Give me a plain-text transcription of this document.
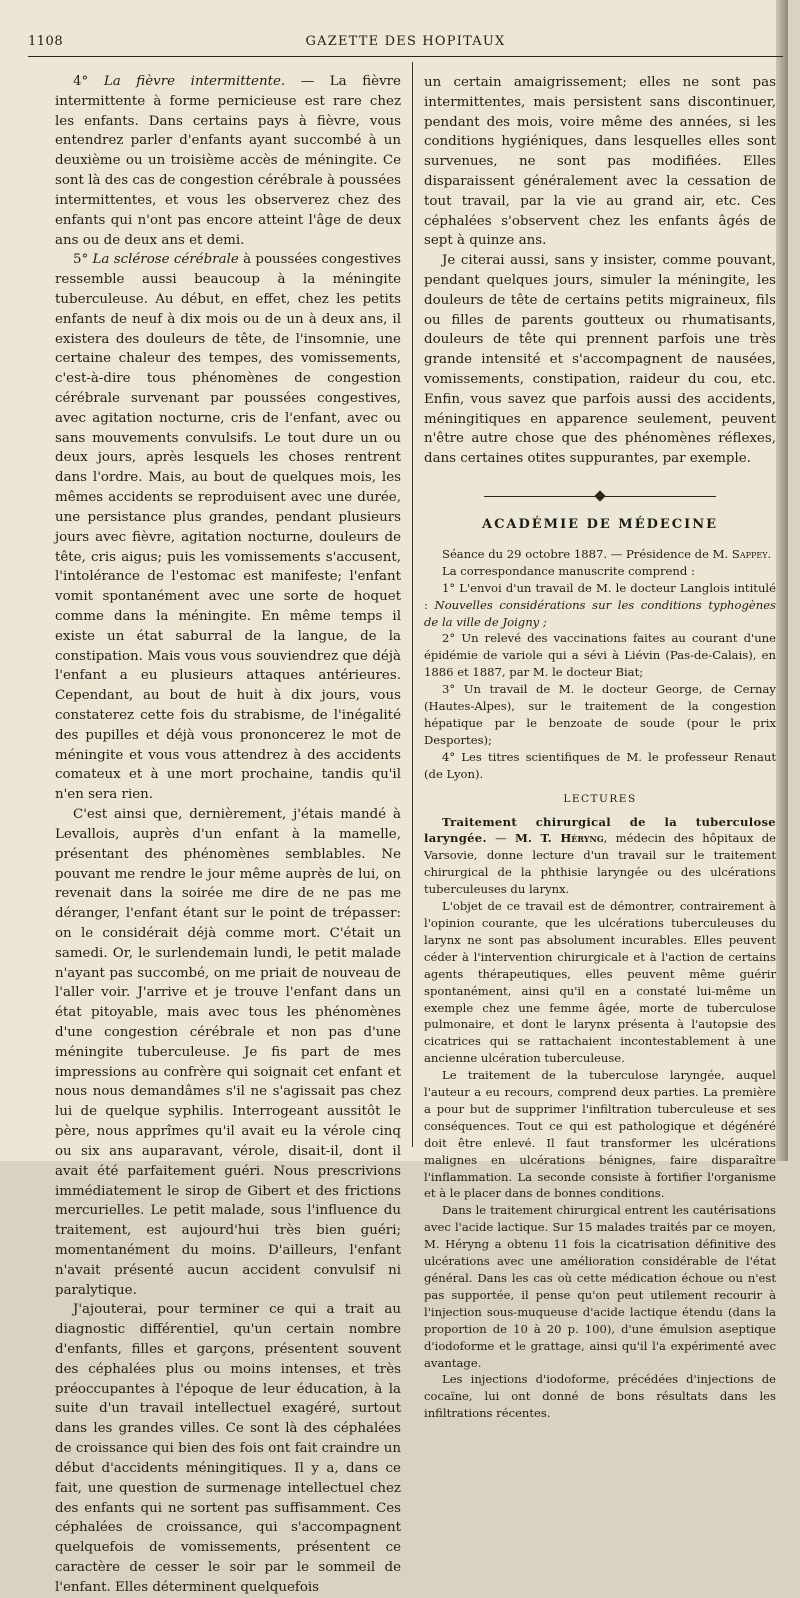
1108	GAZETTE DES HOPITAUX

4° La fièvre intermittente. — La fièvre intermittente à forme pernicieuse est rare chez les enfants. Dans certains pays à fièvre, vous entendrez parler d'enfants ayant succombé à un deuxième ou un troisième accès de méningite. Ce sont là des cas de congestion cérébrale à poussées intermittentes, et vous les observerez chez des enfants qui n'ont pas encore atteint l'âge de deux ans ou de deux ans et demi.

5° La sclérose cérébrale à poussées congestives ressemble aussi beaucoup à la méningite tuberculeuse. Au début, en effet, chez les petits enfants de neuf à dix mois ou de un à deux ans, il existera des douleurs de tête, de l'insomnie, une certaine chaleur des tempes, des vomissements, c'est-à-dire tous phénomènes de congestion cérébrale survenant par poussées congestives, avec agitation nocturne, cris de l'enfant, avec ou sans mouvements convulsifs. Le tout dure un ou deux jours, après lesquels les choses rentrent dans l'ordre. Mais, au bout de quelques mois, les mêmes accidents se reproduisent avec une durée, une persistance plus grandes, pendant plusieurs jours avec fièvre, agitation nocturne, douleurs de tête, cris aigus; puis les vomissements s'accusent, l'intolérance de l'estomac est manifeste; l'enfant vomit spontanément avec une sorte de hoquet comme dans la méningite. En même temps il existe un état saburral de la langue, de la constipation. Mais vous vous souviendrez que déjà l'enfant a eu plusieurs attaques antérieures. Cependant, au bout de huit à dix jours, vous constaterez cette fois du strabisme, de l'inégalité des pupilles et déjà vous prononcerez le mot de méningite et vous vous attendrez à des accidents comateux et à une mort prochaine, tandis qu'il n'en sera rien.

C'est ainsi que, dernièrement, j'étais mandé à Levallois, auprès d'un enfant à la mamelle, présentant des phénomènes semblables. Ne pouvant me rendre le jour même auprès de lui, on revenait dans la soirée me dire de ne pas me déranger, l'enfant étant sur le point de trépasser: on le considérait déjà comme mort. C'était un samedi. Or, le surlendemain lundi, le petit malade n'ayant pas succombé, on me priait de nouveau de l'aller voir. J'arrive et je trouve l'enfant dans un état pitoyable, mais avec tous les phénomènes d'une congestion cérébrale et non pas d'une méningite tuberculeuse. Je fis part de mes impressions au confrère qui soignait cet enfant et nous nous demandâmes s'il ne s'agissait pas chez lui de quelque syphilis. Interrogeant aussitôt le père, nous apprîmes qu'il avait eu la vérole cinq ou six ans auparavant, vérole, disait-il, dont il avait été parfaitement guéri. Nous prescrivions immédiatement le sirop de Gibert et des frictions mercurielles. Le petit malade, sous l'influence du traitement, est aujourd'hui très bien guéri; momentanément du moins. D'ailleurs, l'enfant n'avait présenté aucun accident convulsif ni paralytique.

J'ajouterai, pour terminer ce qui a trait au diagnostic différentiel, qu'un certain nombre d'enfants, filles et garçons, présentent souvent des céphalées plus ou moins intenses, et très préoccupantes à l'époque de leur éducation, à la suite d'un travail intellectuel exagéré, surtout dans les grandes villes. Ce sont là des céphalées de croissance qui bien des fois ont fait craindre un début d'accidents méningitiques. Il y a, dans ce fait, une question de surmenage intellectuel chez des enfants qui ne sortent pas suffisamment. Ces céphalées de croissance, qui s'accompagnent quelquefois de vomissements, présentent ce caractère de cesser le soir par le sommeil de l'enfant. Elles déterminent quelquefois

un certain amaigrissement; elles ne sont pas intermittentes, mais persistent sans discontinuer, pendant des mois, voire même des années, si les conditions hygiéniques, dans lesquelles elles sont survenues, ne sont pas modifiées. Elles disparaissent généralement avec la cessation de tout travail, par la vie au grand air, etc. Ces céphalées s'observent chez les enfants âgés de sept à quinze ans.

Je citerai aussi, sans y insister, comme pouvant, pendant quelques jours, simuler la méningite, les douleurs de tête de certains petits migraineux, fils ou filles de parents goutteux ou rhumatisants, douleurs de tête qui prennent parfois une très grande intensité et s'accompagnent de nausées, vomissements, constipation, raideur du cou, etc. Enfin, vous savez que parfois aussi des accidents, méningitiques en apparence seulement, peuvent n'être autre chose que des phénomènes réflexes, dans certaines otites suppurantes, par exemple.

ACADÉMIE DE MÉDECINE

Séance du 29 octobre 1887. — Présidence de M. Sappey.

La correspondance manuscrite comprend :

1° L'envoi d'un travail de M. le docteur Langlois intitulé : Nouvelles considérations sur les conditions typhogènes de la ville de Joigny ;

2° Un relevé des vaccinations faites au courant d'une épidémie de variole qui a sévi à Liévin (Pas-de-Calais), en 1886 et 1887, par M. le docteur Biat;

3° Un travail de M. le docteur George, de Cernay (Hautes-Alpes), sur le traitement de la congestion hépatique par le benzoate de soude (pour le prix Desportes);

4° Les titres scientifiques de M. le professeur Renaut (de Lyon).

LECTURES

Traitement chirurgical de la tuberculose laryngée. — M. T. Héryng, médecin des hôpitaux de Varsovie, donne lecture d'un travail sur le traitement chirurgical de la phthisie laryngée ou des ulcérations tuberculeuses du larynx.

L'objet de ce travail est de démontrer, contrairement à l'opinion courante, que les ulcérations tuberculeuses du larynx ne sont pas absolument incurables. Elles peuvent céder à l'intervention chirurgicale et à l'action de certains agents thérapeutiques, elles peuvent même guérir spontanément, ainsi qu'il en a constaté lui-même un exemple chez une femme âgée, morte de tuberculose pulmonaire, et dont le larynx présenta à l'autopsie des cicatrices qui se rattachaient incontestablement à une ancienne ulcération tuberculeuse.

Le traitement de la tuberculose laryngée, auquel l'auteur a eu recours, comprend deux parties. La première a pour but de supprimer l'infiltration tuberculeuse et ses conséquences. Tout ce qui est pathologique et dégénéré doit être enlevé. Il faut transformer les ulcérations malignes en ulcérations bénignes, faire disparaître l'inflammation. La seconde consiste à fortifier l'organisme et à le placer dans de bonnes conditions.

Dans le traitement chirurgical entrent les cautérisations avec l'acide lactique. Sur 15 malades traités par ce moyen, M. Héryng a obtenu 11 fois la cicatrisation définitive des ulcérations avec une amélioration considérable de l'état général. Dans les cas où cette médication échoue ou n'est pas supportée, il pense qu'on peut utilement recourir à l'injection sous-muqueuse d'acide lactique étendu (dans la proportion de 10 à 20 p. 100), d'une émulsion aseptique d'iodoforme et le grattage, ainsi qu'il l'a expérimenté avec avantage.

Les injections d'iodoforme, précédées d'injections de cocaïne, lui ont donné de bons résultats dans les infiltrations récentes.
